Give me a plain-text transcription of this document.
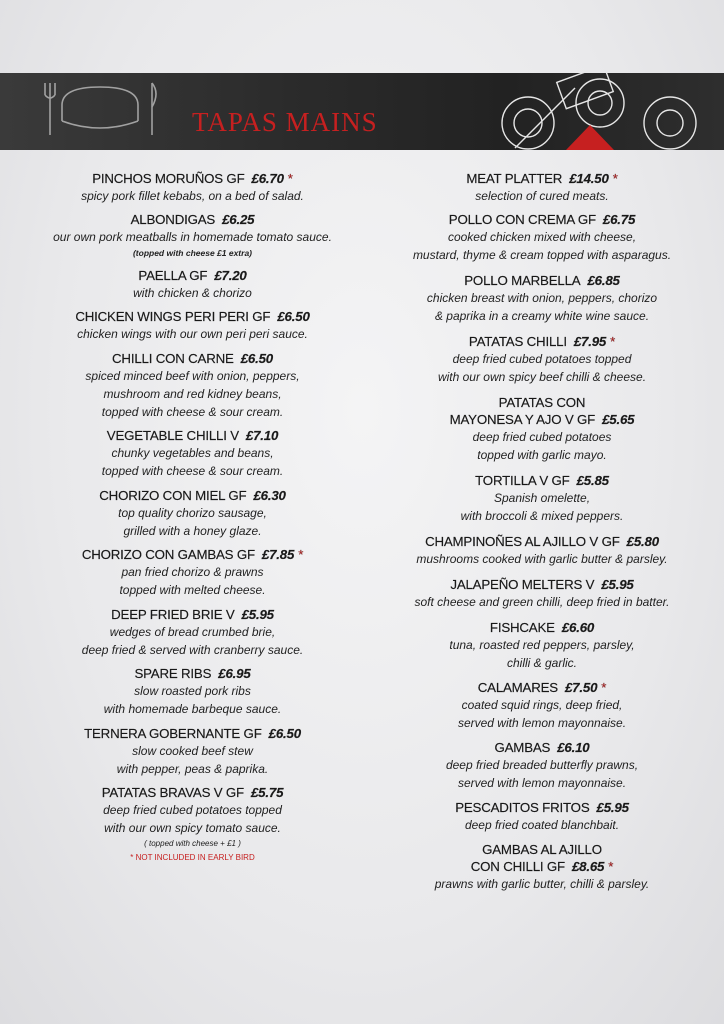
TAPAS MAINS
PINCHOS MORUÑOS GF £6.70 *
spicy pork fillet kebabs, on a bed of salad.
ALBONDIGAS £6.25
our own pork meatballs in homemade tomato sauce.
(topped with cheese £1 extra)
PAELLA GF £7.20
with chicken & chorizo
CHICKEN WINGS PERI PERI GF £6.50
chicken wings with our own peri peri sauce.
CHILLI CON CARNE £6.50
spiced minced beef with onion, peppers,
mushroom and red kidney beans,
topped with cheese & sour cream.
VEGETABLE CHILLI V £7.10
chunky vegetables and beans,
topped with cheese & sour cream.
CHORIZO CON MIEL GF £6.30
top quality chorizo sausage,
grilled with a honey glaze.
CHORIZO CON GAMBAS GF £7.85 *
pan fried chorizo & prawns
topped with melted cheese.
DEEP FRIED BRIE V £5.95
wedges of bread crumbed brie,
deep fried & served with cranberry sauce.
SPARE RIBS £6.95
slow roasted pork ribs
with homemade barbeque sauce.
TERNERA GOBERNANTE GF £6.50
slow cooked beef stew
with pepper, peas & paprika.
PATATAS BRAVAS V GF £5.75
deep fried cubed potatoes topped
with our own spicy tomato sauce.
( topped with cheese + £1 )
* NOT INCLUDED IN EARLY BIRD
MEAT PLATTER £14.50 *
selection of cured meats.
POLLO CON CREMA GF £6.75
cooked chicken mixed with cheese,
mustard, thyme & cream topped with asparagus.
POLLO MARBELLA £6.85
chicken breast with onion, peppers, chorizo
& paprika in a creamy white wine sauce.
PATATAS CHILLI £7.95 *
deep fried cubed potatoes topped
with our own spicy beef chilli & cheese.
PATATAS CON
MAYONESA Y AJO V GF £5.65
deep fried cubed potatoes
topped with garlic mayo.
TORTILLA V GF £5.85
Spanish omelette,
with broccoli & mixed peppers.
CHAMPINOÑES AL AJILLO V GF £5.80
mushrooms cooked with garlic butter & parsley.
JALAPEÑO MELTERS V £5.95
soft cheese and green chilli, deep fried in batter.
FISHCAKE £6.60
tuna, roasted red peppers, parsley,
chilli & garlic.
CALAMARES £7.50 *
coated squid rings, deep fried,
served with lemon mayonnaise.
GAMBAS £6.10
deep fried breaded butterfly prawns,
served with lemon mayonnaise.
PESCADITOS FRITOS £5.95
deep fried coated blanchbait.
GAMBAS AL AJILLO
CON CHILLI GF £8.65 *
prawns with garlic butter, chilli & parsley.
